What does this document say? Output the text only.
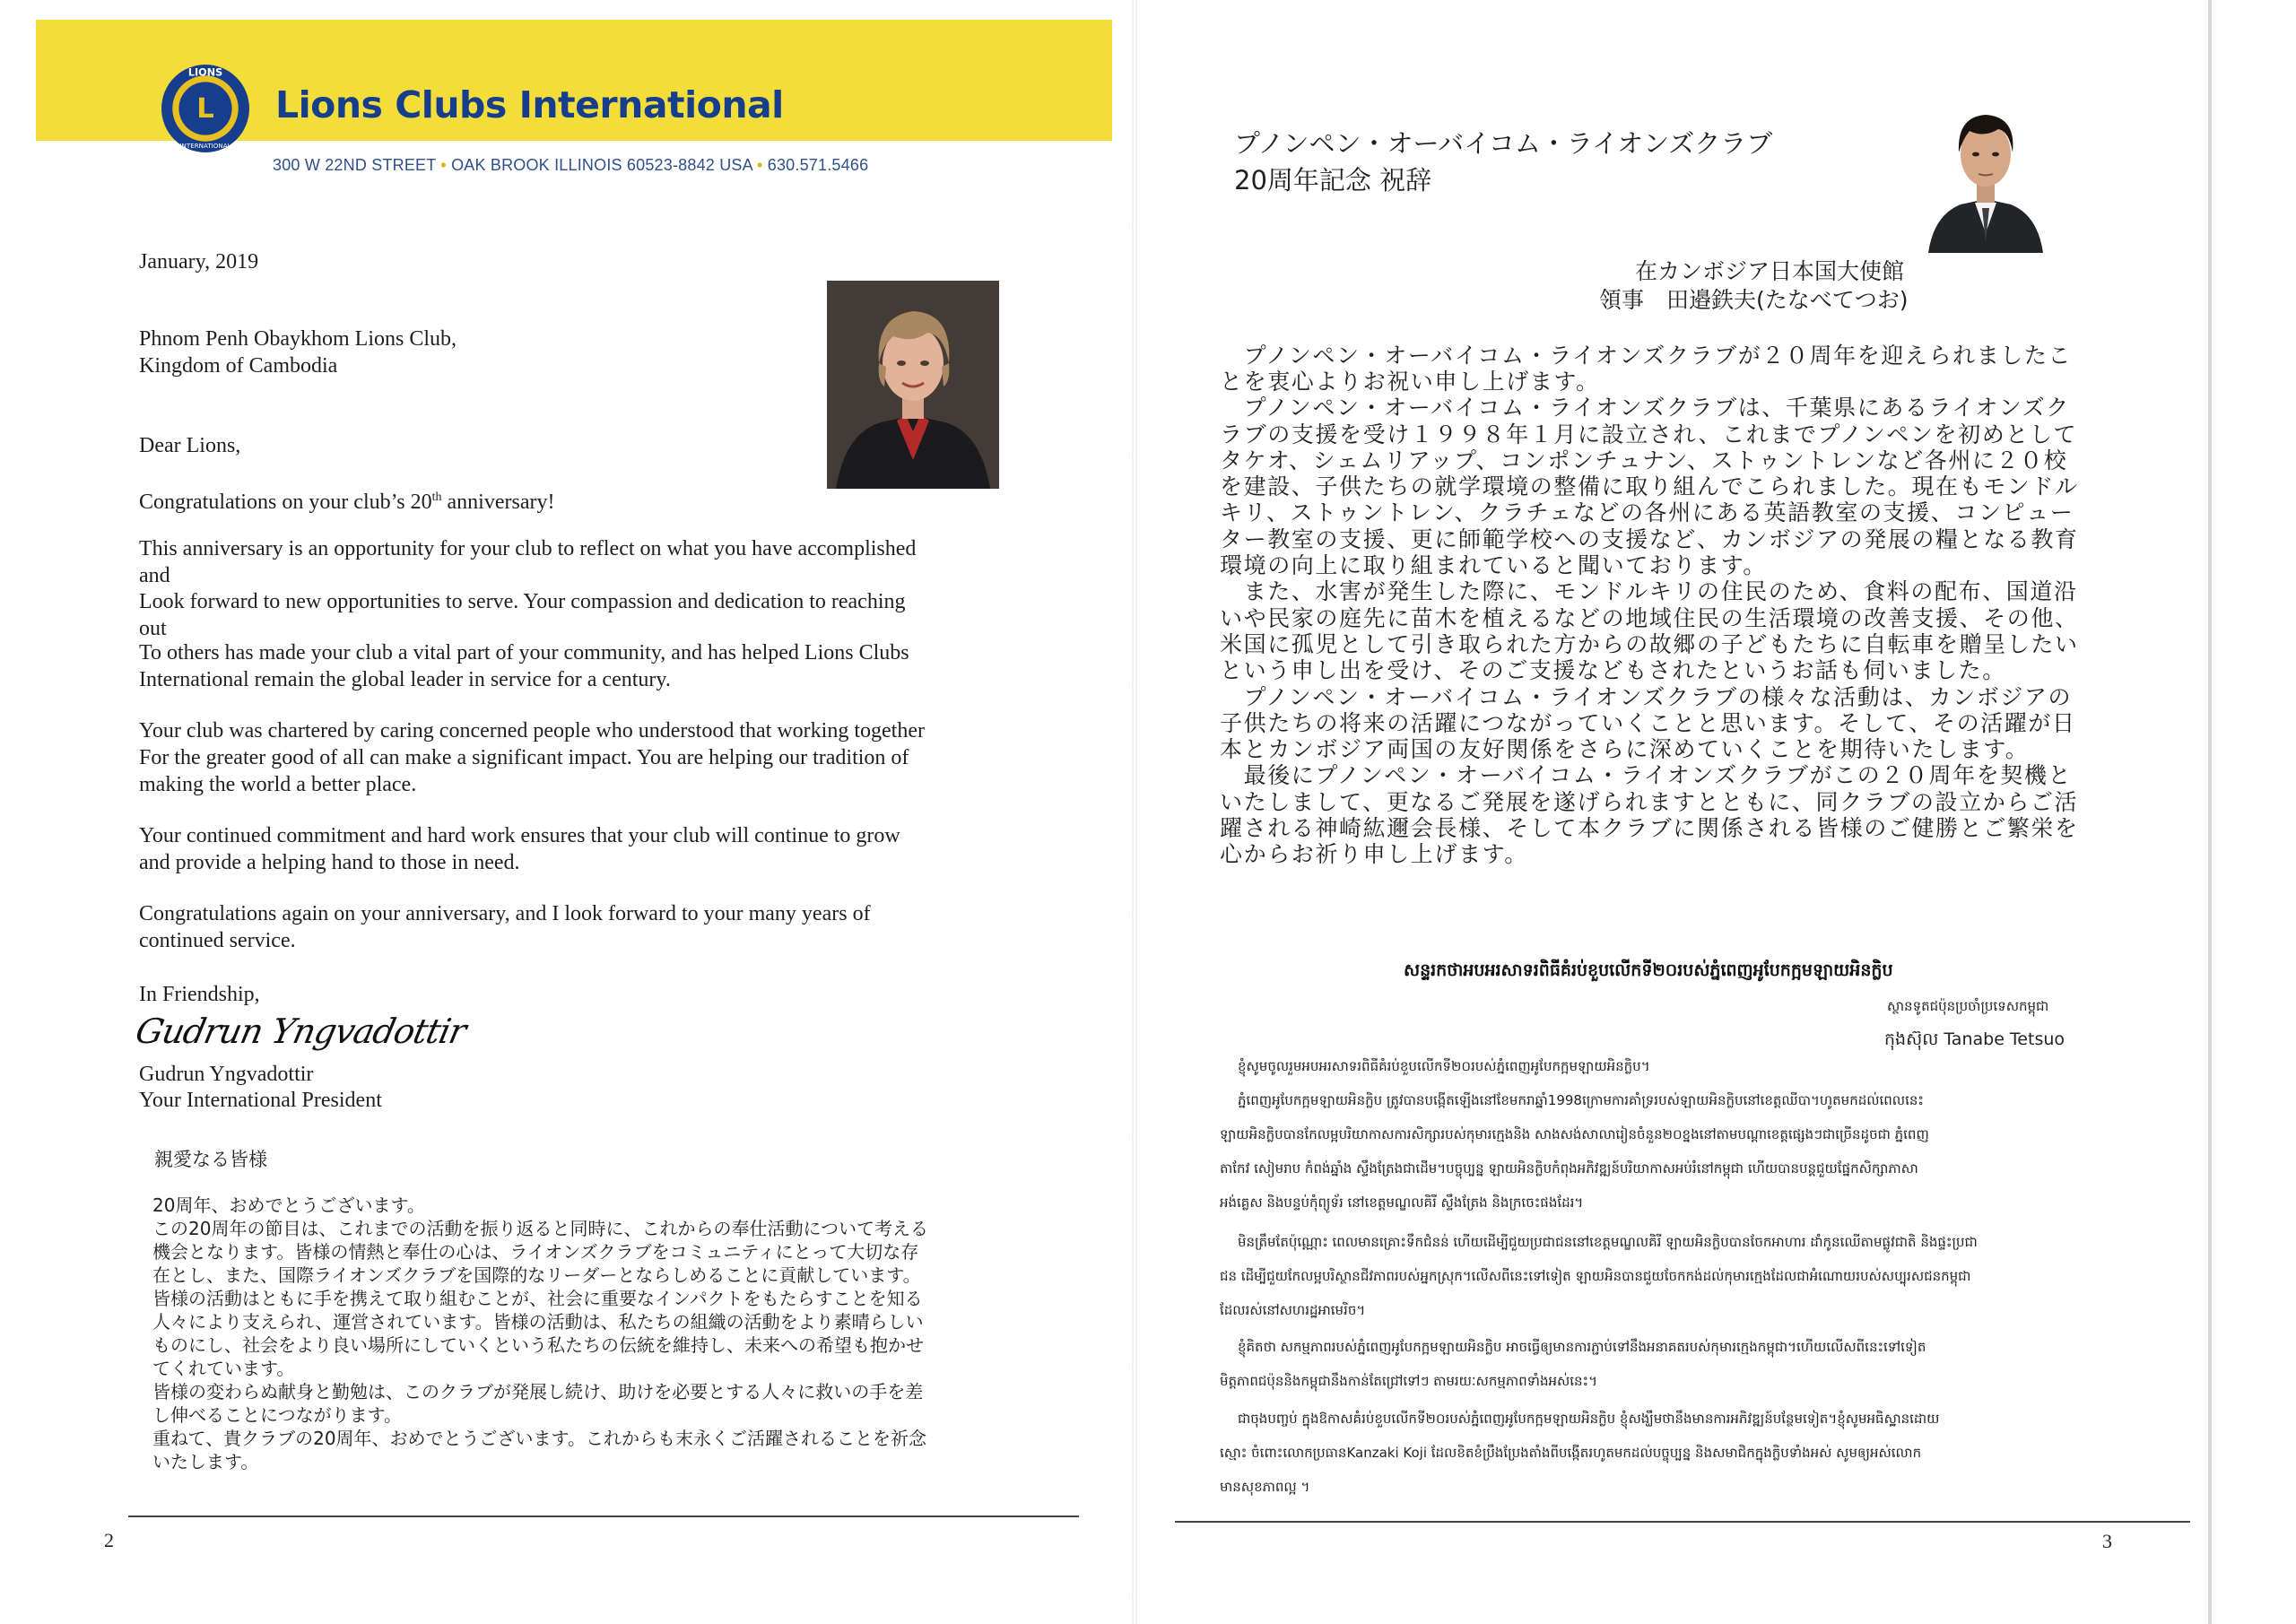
L
LIONS
INTERNATIONAL
Lions Clubs International
300 W 22ND STREET • OAK BROOK ILLINOIS 60523-8842 USA • 630.571.5466
January, 2019
Phnom Penh Obaykhom Lions Club,
Kingdom of Cambodia
Dear Lions,
Congratulations on your club’s 20th anniversary!
This anniversary is an opportunity for your club to reflect on what you have accomplished
and
Look forward to new opportunities to serve. Your compassion and dedication to reaching
out
To others has made your club a vital part of your community, and has helped Lions Clubs
International remain the global leader in service for a century.
Your club was chartered by caring concerned people who understood that working together
For the greater good of all can make a significant impact. You are helping our tradition of
making the world a better place.
Your continued commitment and hard work ensures that your club will continue to grow
and provide a helping hand to those in need.
Congratulations again on your anniversary, and I look forward to your many years of
continued service.
In Friendship,
Gudrun Yngvadottir
Gudrun Yngvadottir
Your International President
親愛なる皆様
20周年、おめでとうございます。
この20周年の節目は、これまでの活動を振り返ると同時に、これからの奉仕活動について考える
機会となります。皆様の情熱と奉仕の心は、ライオンズクラブをコミュニティにとって大切な存
在とし、また、国際ライオンズクラブを国際的なリーダーとならしめることに貢献しています。
皆様の活動はともに手を携えて取り組むことが、社会に重要なインパクトをもたらすことを知る
人々により支えられ、運営されています。皆様の活動は、私たちの組織の活動をより素晴らしい
ものにし、社会をより良い場所にしていくという私たちの伝統を維持し、未来への希望も抱かせ
てくれています。
皆様の変わらぬ献身と勤勉は、このクラブが発展し続け、助けを必要とする人々に救いの手を差
し伸べることにつながります。
重ねて、貴クラブの20周年、おめでとうございます。これからも末永くご活躍されることを祈念
いたします。
2
プノンペン・オーバイコム・ライオンズクラブ
20周年記念 祝辞
在カンボジア日本国大使館
領事　田邉鉄夫(たなべてつお)
　プノンペン・オーバイコム・ライオンズクラブが２０周年を迎えられましたこ
とを衷心よりお祝い申し上げます。
　プノンペン・オーバイコム・ライオンズクラブは、千葉県にあるライオンズク
ラブの支援を受け１９９８年１月に設立され、これまでプノンペンを初めとして
タケオ、シェムリアップ、コンポンチュナン、ストゥントレンなど各州に２０校
を建設、子供たちの就学環境の整備に取り組んでこられました。現在もモンドル
キリ、ストゥントレン、クラチェなどの各州にある英語教室の支援、コンピュー
ター教室の支援、更に師範学校への支援など、カンボジアの発展の糧となる教育
環境の向上に取り組まれていると聞いております。
　また、水害が発生した際に、モンドルキリの住民のため、食料の配布、国道沿
いや民家の庭先に苗木を植えるなどの地域住民の生活環境の改善支援、その他、
米国に孤児として引き取られた方からの故郷の子どもたちに自転車を贈呈したい
という申し出を受け、そのご支援などもされたというお話も伺いました。
　プノンペン・オーバイコム・ライオンズクラブの様々な活動は、カンボジアの
子供たちの将来の活躍につながっていくことと思います。そして、その活躍が日
本とカンボジア両国の友好関係をさらに深めていくことを期待いたします。
　最後にプノンペン・オーバイコム・ライオンズクラブがこの２０周年を契機と
いたしまして、更なるご発展を遂げられますとともに、同クラブの設立からご活
躍される神崎紘邇会長様、そして本クラブに関係される皆様のご健勝とご繁栄を
心からお祈り申し上げます。
សន្ទរកថាអបអរសាទរពិធីគំរប់ខួបលើកទី២០របស់ភ្នំពេញអូបែកក្អមឡាយអិនក្លិប
ស្ថានទូតជប៉ុនប្រចាំប្រទេសកម្ពុជា
កុងស៊ុល Tanabe Tetsuo
ខ្ញុំសូមចូលរួមអបអរសាទរពិធីគំរប់ខួបលើកទី២០របស់ភ្នំពេញអូបែកក្អមឡាយអិនក្លិប។
ភ្នំពេញអូបែកក្អមឡាយអិនក្លិប ត្រូវបានបង្កើតឡើងនៅខែមករាឆ្នាំ1998ក្រោមការគាំទ្ររបស់ឡាយអិនក្លិបនៅខេត្តឈីបា។ហូតមកដល់ពេលនេះ
ឡាយអិនក្លិបបានកែលម្អបរិយាកាសការសិក្សារបស់កុមារក្មេងនិង សាងសង់សាលារៀនចំនួន២០ខ្នងនៅតាមបណ្តាខេត្តផ្សេងៗជាច្រើនដូចជា ភ្នំពេញ
តាកែវ សៀមរាប កំពង់ឆ្នាំង ស្ទឹងត្រែងជាដើម។បច្ចុប្បន្ន ឡាយអិនក្លិបកំពុងអភិវឌ្ឍន៍បរិយាកាសអប់រំនៅកម្ពុជា ហើយបានបន្តជួយផ្នែកសិក្សាភាសា
អង់គ្លេស និងបន្ទប់កុំព្យូទ័រ នៅខេត្តមណ្ឌលគិរី ស្ទឹងត្រែង និងក្រចេះផងដែរ។
មិនត្រឹមតែប៉ុណ្ណោះ ពេលមានគ្រោះទឹកជំនន់ ហើយដើម្បីជួយប្រជាជននៅខេត្តមណ្ឌលគិរី ឡាយអិនក្លិបបានចែកអាហារ ដាំកូនឈើតាមផ្លូវជាតិ និងផ្ទះប្រជា
ជន ដើម្បីជួយកែលម្អបរិស្ថានជីវភាពរបស់អ្នកស្រុក។លើសពីនេះទៅទៀត ឡាយអិនបានជួយចែកកង់ដល់កុមារក្មេងដែលជាអំណោយរបស់សប្បុរសជនកម្ពុជា
ដែលរស់នៅសហរដ្ឋអាមេរិច។
ខ្ញុំគិតថា សកម្មភាពរបស់ភ្នំពេញអូបែកក្អមឡាយអិនក្លិប អាចធ្វើឲ្យមានការភ្ជាប់ទៅនឹងអនាគតរបស់កុមារក្មេងកម្ពុជា។ហើយលើសពីនេះទៅទៀត
មិត្តភាពជប៉ុននិងកម្ពុជានឹងកាន់តែជ្រៅទៅៗ តាមរយៈសកម្មភាពទាំងអស់នេះ។
ជាចុងបញ្ចប់ ក្នុងឱកាសគំរប់ខួបលើកទី២០របស់ភ្នំពេញអូបែកក្អមឡាយអិនក្លិប ខ្ញុំសង្ឃឹមថានឹងមានការអភិវឌ្ឍន៍បន្ថែមទៀត។ខ្ញុំសូមអធិស្ឋានដោយ
ស្មោះ ចំពោះលោកប្រធានKanzaki Koji ដែលខិតខំប្រឹងប្រែងតាំងពីបង្កើតរហូតមកដល់បច្ចុប្បន្ន និងសមាជិកក្នុងក្លិបទាំងអស់ សូមឲ្យអស់លោក
មានសុខភាពល្អ ។
3
